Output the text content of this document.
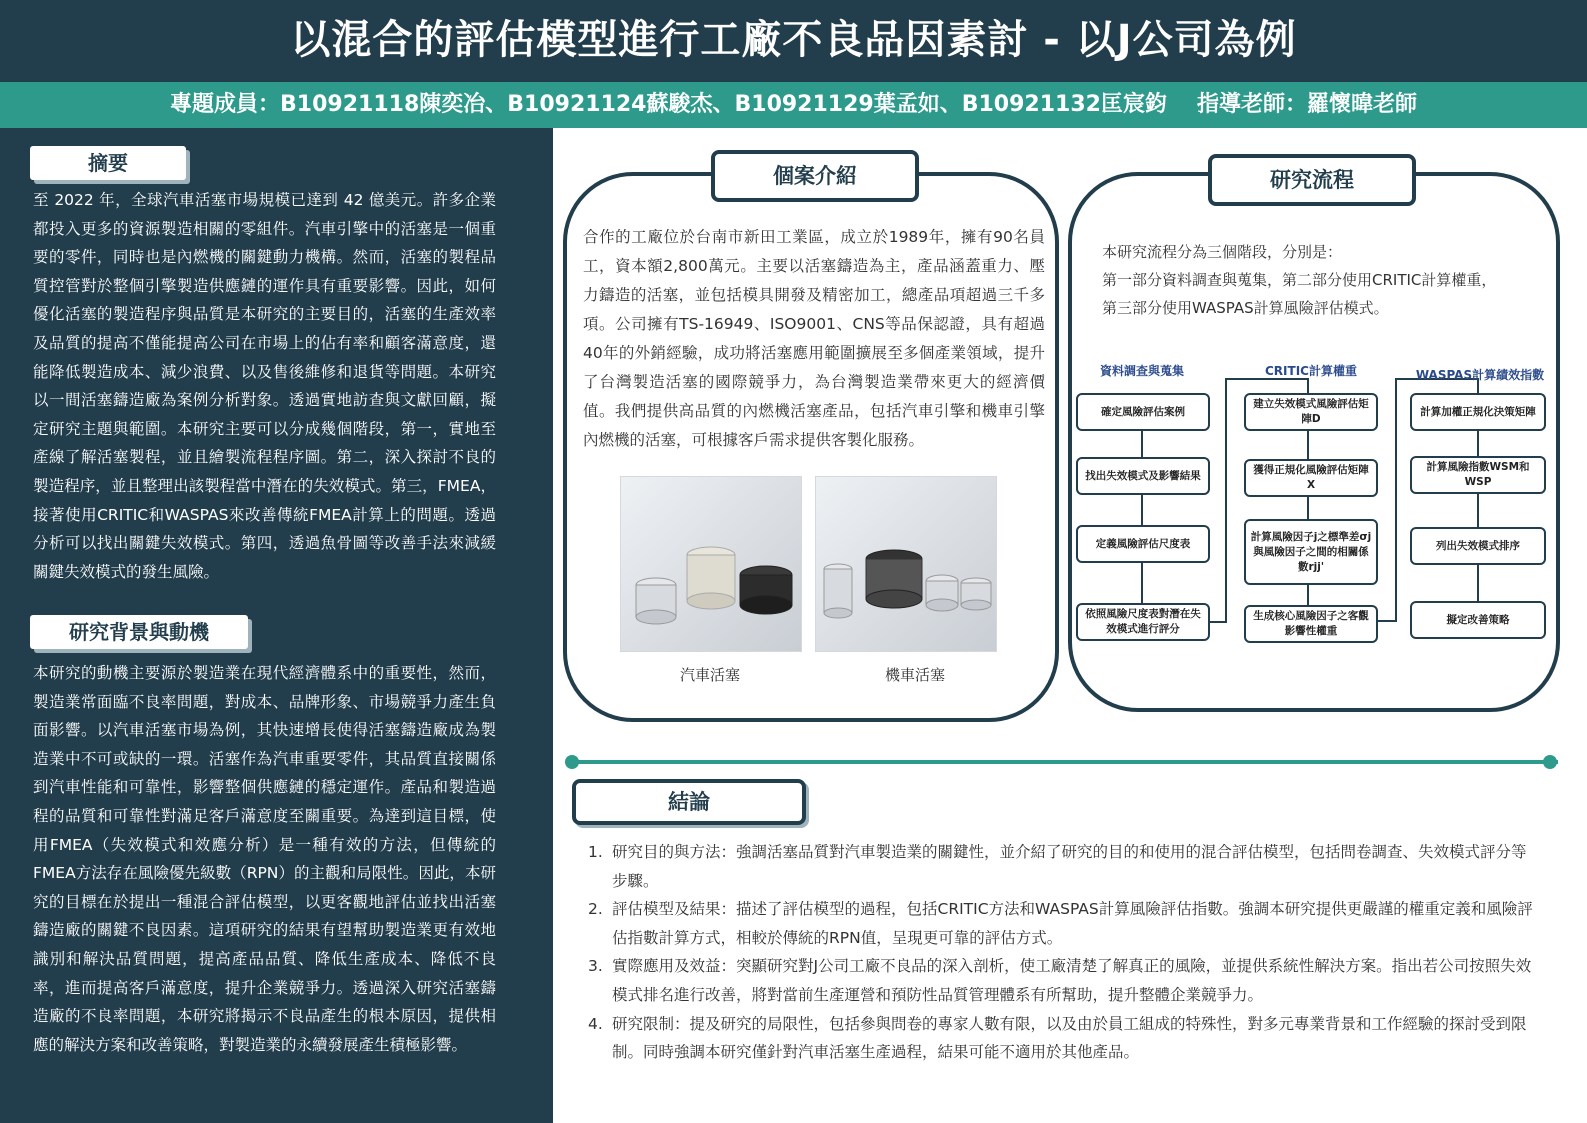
以混合的評估模型進行工廠不良品因素討 - 以J公司為例
專題成員：B10921118陳奕冶、B10921124蘇駿杰、B10921129葉孟如、B10921132匡宸鈞 指導老師：羅懷暐老師
摘要
至 2022 年，全球汽車活塞市場規模已達到 42 億美元。許多企業都投入更多的資源製造相關的零組件。汽車引擎中的活塞是一個重要的零件，同時也是內燃機的關鍵動力機構。然而，活塞的製程品質控管對於整個引擎製造供應鏈的運作具有重要影響。因此，如何優化活塞的製造程序與品質是本研究的主要目的，活塞的生產效率及品質的提高不僅能提高公司在市場上的佔有率和顧客滿意度，還能降低製造成本、減少浪費、以及售後維修和退貨等問題。本研究以一間活塞鑄造廠為案例分析對象。透過實地訪查與文獻回顧，擬定研究主題與範圍。本研究主要可以分成幾個階段，第一，實地至產線了解活塞製程，並且繪製流程程序圖。第二，深入探討不良的製造程序，並且整理出該製程當中潛在的失效模式。第三，FMEA，接著使用CRITIC和WASPAS來改善傳統FMEA計算上的問題。透過分析可以找出關鍵失效模式。第四，透過魚骨圖等改善手法來減緩關鍵失效模式的發生風險。
研究背景與動機
本研究的動機主要源於製造業在現代經濟體系中的重要性，然而，製造業常面臨不良率問題，對成本、品牌形象、市場競爭力產生負面影響。以汽車活塞市場為例，其快速增長使得活塞鑄造廠成為製造業中不可或缺的一環。活塞作為汽車重要零件，其品質直接關係到汽車性能和可靠性，影響整個供應鏈的穩定運作。產品和製造過程的品質和可靠性對滿足客戶滿意度至關重要。為達到這目標，使用FMEA（失效模式和效應分析）是一種有效的方法，但傳統的FMEA方法存在風險優先級數（RPN）的主觀和局限性。因此，本研究的目標在於提出一種混合評估模型，以更客觀地評估並找出活塞鑄造廠的關鍵不良因素。這項研究的結果有望幫助製造業更有效地識別和解決品質問題，提高產品品質、降低生產成本、降低不良率，進而提高客戶滿意度，提升企業競爭力。透過深入研究活塞鑄造廠的不良率問題，本研究將揭示不良品產生的根本原因，提供相應的解決方案和改善策略，對製造業的永續發展產生積極影響。
個案介紹
合作的工廠位於台南市新田工業區，成立於1989年，擁有90名員工，資本額2,800萬元。主要以活塞鑄造為主，產品涵蓋重力、壓力鑄造的活塞，並包括模具開發及精密加工，總產品項超過三千多項。公司擁有TS-16949、ISO9001、CNS等品保認證，具有超過40年的外銷經驗，成功將活塞應用範圍擴展至多個產業領域，提升了台灣製造活塞的國際競爭力，為台灣製造業帶來更大的經濟價值。我們提供高品質的內燃機活塞產品，包括汽車引擎和機車引擎內燃機的活塞，可根據客戶需求提供客製化服務。
汽車活塞	機車活塞
研究流程
本研究流程分為三個階段，分別是：
第一部分資料調查與蒐集，第二部分使用CRITIC計算權重，
第三部分使用WASPAS計算風險評估模式。
資料調查與蒐集	CRITIC計算權重	WASPAS計算績效指數
確定風險評估案例
找出失效模式及影響結果
定義風險評估尺度表
依照風險尺度表對潛在失效模式進行評分
建立失效模式風險評估矩陣D
獲得正規化風險評估矩陣X
計算風險因子j之標準差σj與風險因子之間的相關係數rjj'
生成核心風險因子之客觀影響性權重
計算加權正規化決策矩陣
計算風險指數WSM和WSP
列出失效模式排序
擬定改善策略
結論
1. 研究目的與方法：強調活塞品質對汽車製造業的關鍵性，並介紹了研究的目的和使用的混合評估模型，包括問卷調查、失效模式評分等步驟。
2. 評估模型及結果：描述了評估模型的過程，包括CRITIC方法和WASPAS計算風險評估指數。強調本研究提供更嚴謹的權重定義和風險評估指數計算方式，相較於傳統的RPN值，呈現更可靠的評估方式。
3. 實際應用及效益：突顯研究對J公司工廠不良品的深入剖析，使工廠清楚了解真正的風險，並提供系統性解決方案。指出若公司按照失效模式排名進行改善，將對當前生產運營和預防性品質管理體系有所幫助，提升整體企業競爭力。
4. 研究限制：提及研究的局限性，包括參與問卷的專家人數有限，以及由於員工組成的特殊性，對多元專業背景和工作經驗的探討受到限制。同時強調本研究僅針對汽車活塞生產過程，結果可能不適用於其他產品。
